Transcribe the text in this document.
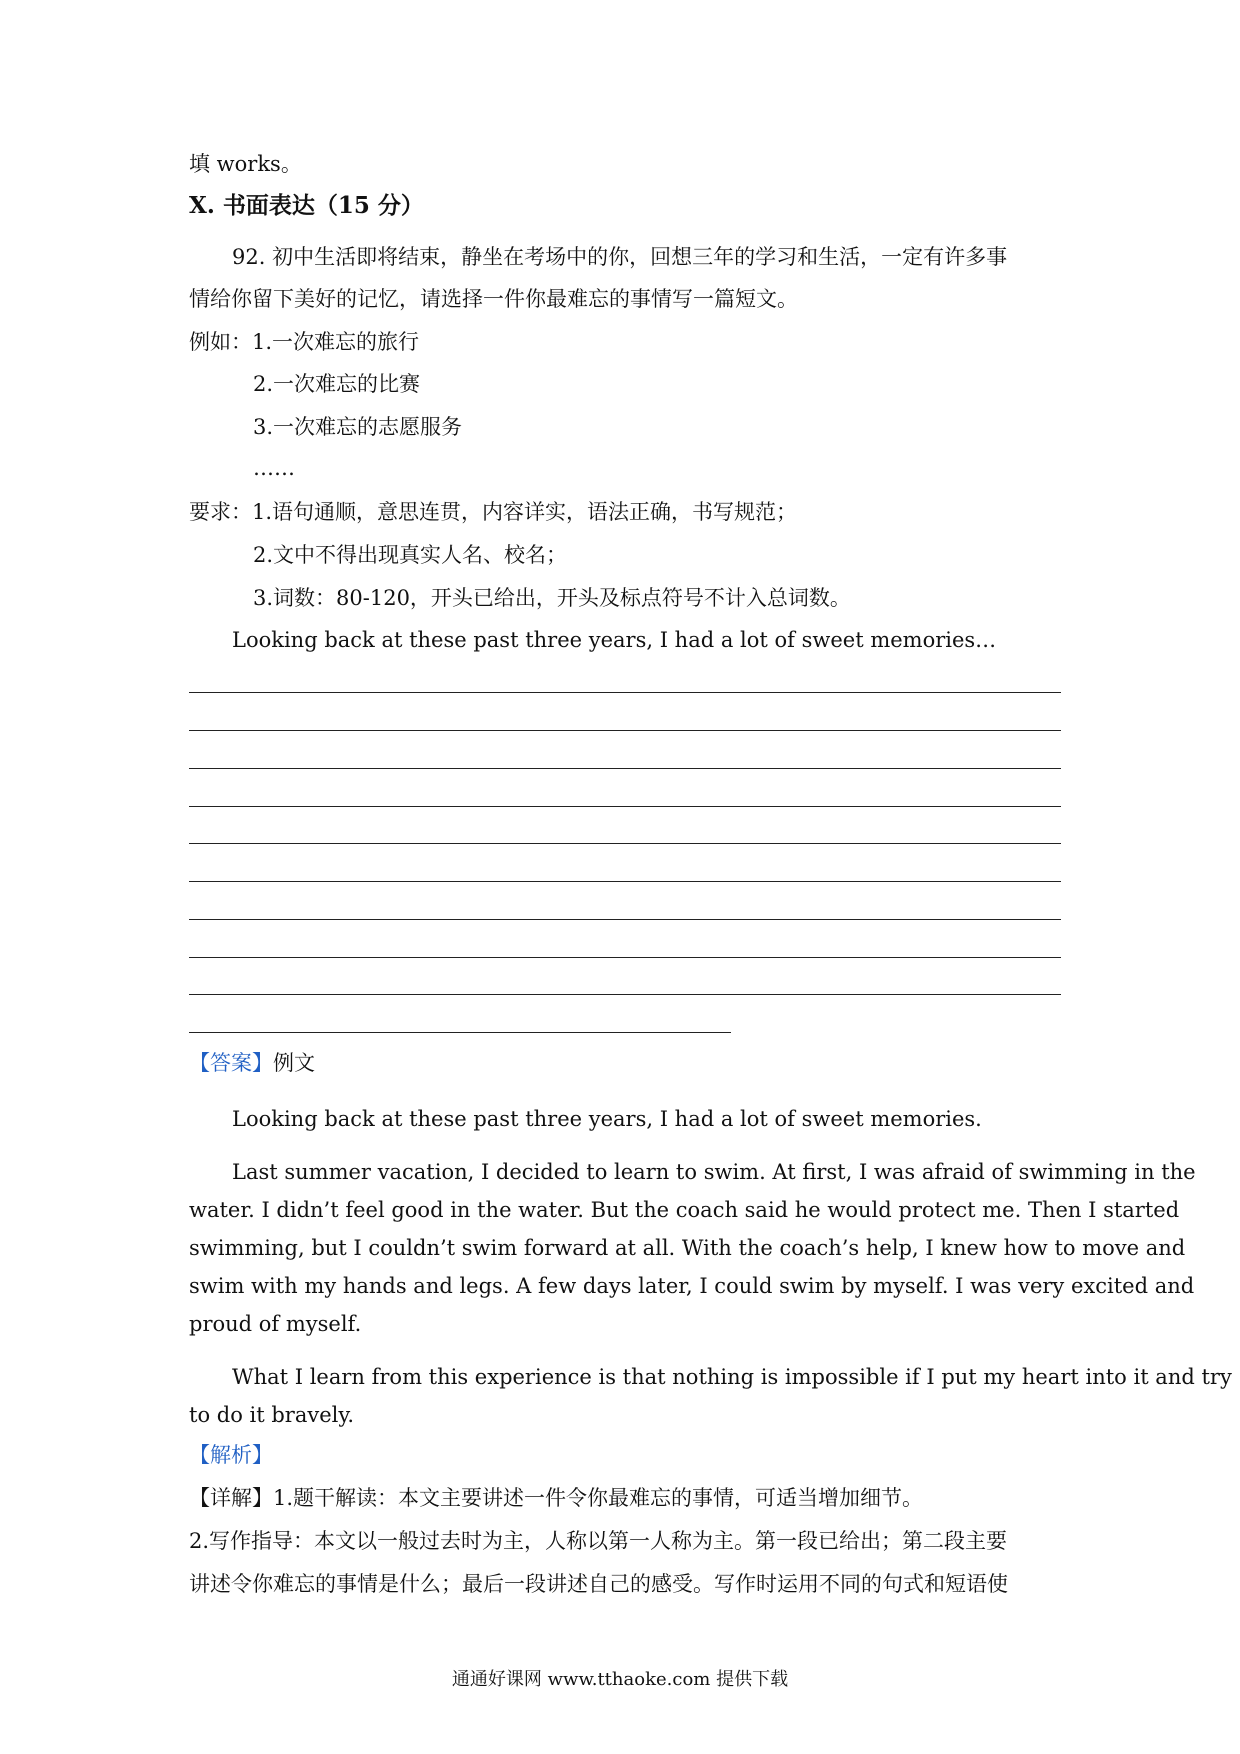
填 works。
X. 书面表达（15 分）
92. 初中生活即将结束，静坐在考场中的你，回想三年的学习和生活，一定有许多事
情给你留下美好的记忆，请选择一件你最难忘的事情写一篇短文。
例如：1.一次难忘的旅行
2.一次难忘的比赛
3.一次难忘的志愿服务
……
要求：1.语句通顺，意思连贯，内容详实，语法正确，书写规范；
2.文中不得出现真实人名、校名；
3.词数：80-120，开头已给出，开头及标点符号不计入总词数。
Looking back at these past three years, I had a lot of sweet memories…
【答案】例文
Looking back at these past three years, I had a lot of sweet memories.
Last summer vacation, I decided to learn to swim. At first, I was afraid of swimming in the
water. I didn’t feel good in the water. But the coach said he would protect me. Then I started
swimming, but I couldn’t swim forward at all. With the coach’s help, I knew how to move and
swim with my hands and legs. A few days later, I could swim by myself. I was very excited and
proud of myself.
What I learn from this experience is that nothing is impossible if I put my heart into it and try
to do it bravely.
【解析】
【详解】1.题干解读：本文主要讲述一件令你最难忘的事情，可适当增加细节。
2.写作指导：本文以一般过去时为主，人称以第一人称为主。第一段已给出；第二段主要
讲述令你难忘的事情是什么；最后一段讲述自己的感受。写作时运用不同的句式和短语使
通通好课网 www.tthaoke.com 提供下载
